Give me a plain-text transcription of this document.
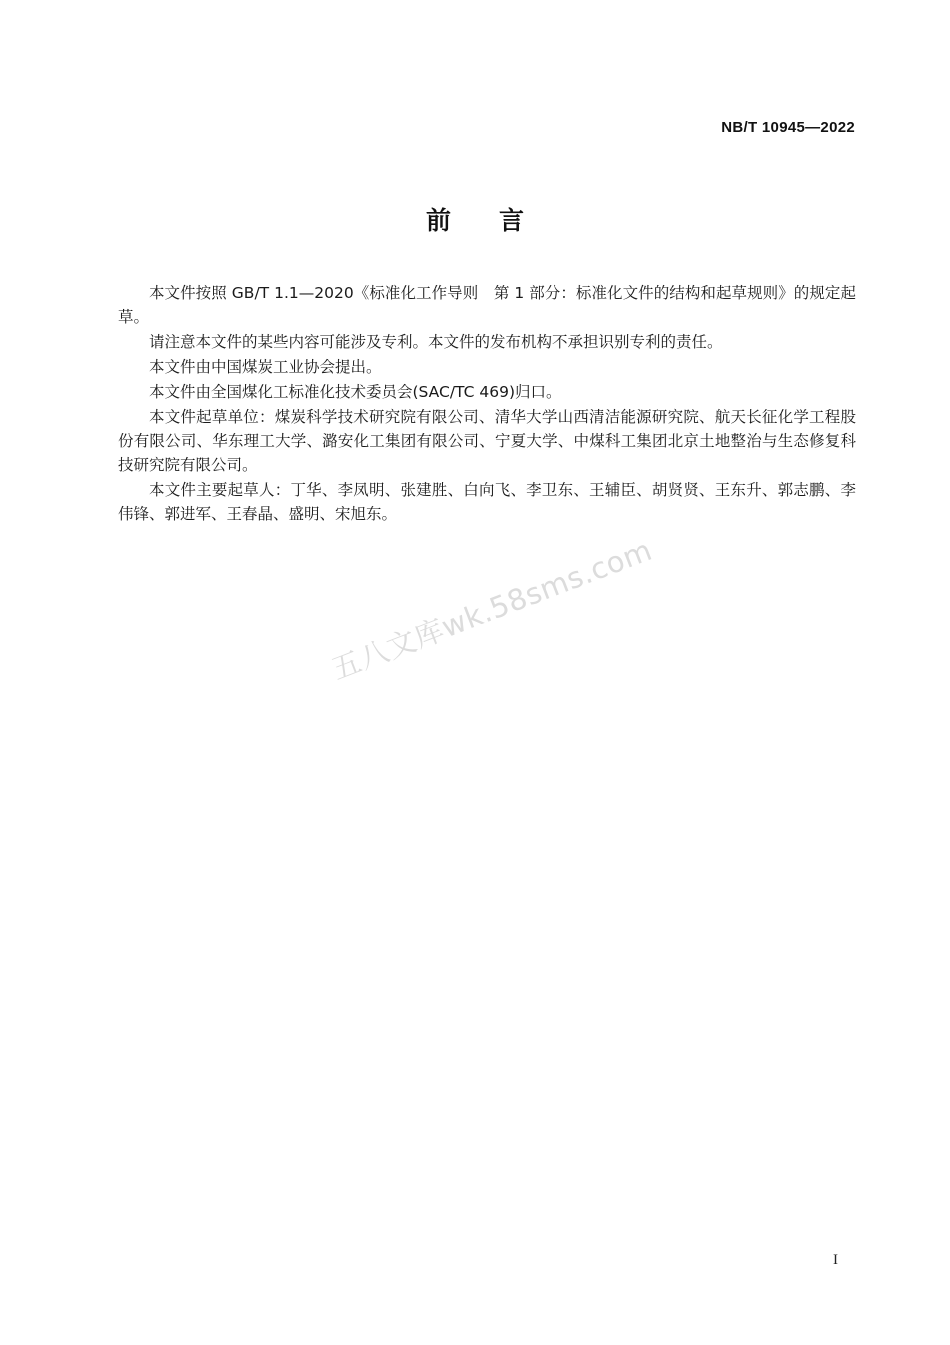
NB/T 10945—2022
前言

本文件按照 GB/T 1.1—2020《标准化工作导则　第 1 部分：标准化文件的结构和起草规则》的规定起草。

请注意本文件的某些内容可能涉及专利。本文件的发布机构不承担识别专利的责任。

本文件由中国煤炭工业协会提出。

本文件由全国煤化工标准化技术委员会(SAC/TC 469)归口。

本文件起草单位：煤炭科学技术研究院有限公司、清华大学山西清洁能源研究院、航天长征化学工程股份有限公司、华东理工大学、潞安化工集团有限公司、宁夏大学、中煤科工集团北京土地整治与生态修复科技研究院有限公司。

本文件主要起草人：丁华、李凤明、张建胜、白向飞、李卫东、王辅臣、胡贤贤、王东升、郭志鹏、李伟锋、郭进军、王春晶、盛明、宋旭东。

五八文库wk.58sms.com
I
